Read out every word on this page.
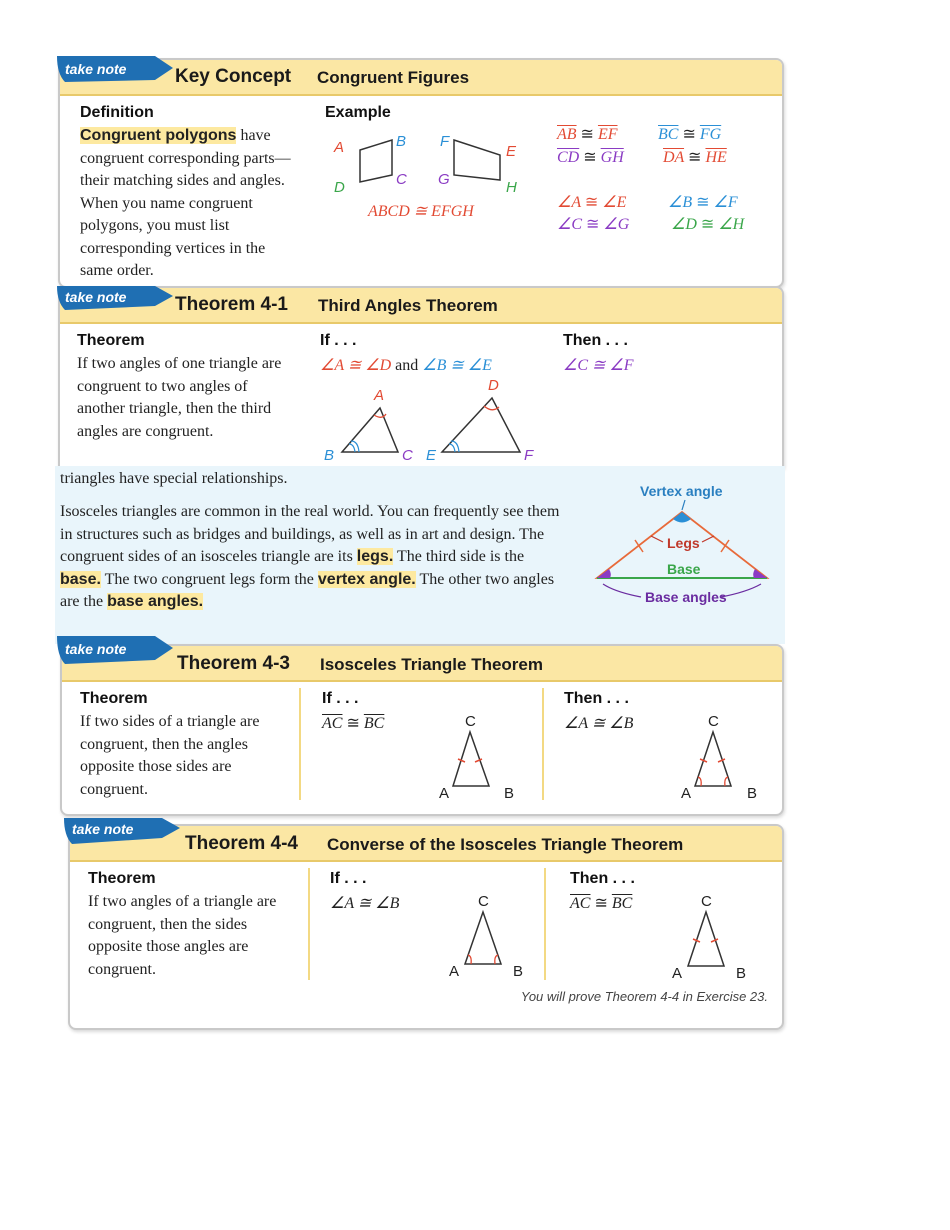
Key Concept Congruent Figures
Definition
Congruent polygons have congruent corresponding parts—their matching sides and angles. When you name congruent polygons, you must list corresponding vertices in the same order.
Example
A	B
C
D
E
F
G	H
ABCD ≅ EFGH
$\overline{AB}$ ≅ $\overline{EF}$	$\overline{BC}$ ≅ $\overline{FG}$
$\overline{CD}$ ≅ $\overline{GH}$ $\overline{DA}$ ≅ $\overline{HE}$
∠A ≅ ∠E	∠B ≅ ∠F
∠C ≅ ∠G	∠D ≅ ∠H
take note
Theorem 4-1 Third Angles Theorem
Theorem
If two angles of one triangle are congruent to two angles of another triangle, then the third angles are congruent.
If . . .
∠A ≅ ∠D and ∠B ≅ ∠E
Then . . .
∠C ≅ ∠F
A
B	C
D
E	F
take note
triangles have special relationships.
Isosceles triangles are common in the real world. You can frequently see them in structures such as bridges and buildings, as well as in art and design. The congruent sides of an isosceles triangle are its legs. The third side is the base. The two congruent legs form the vertex angle. The other two angles are the base angles.
Vertex angle
Legs
Base
Base angles
Theorem 4-3 Isosceles Triangle Theorem
Theorem
If two sides of a triangle are congruent, then the angles opposite those sides are congruent.
If . . .
$\overline{AC}$ ≅ $\overline{BC}$	C
A	B
Then . . .
∠A ≅ ∠B	C
A	B
take note
Theorem 4-4 Converse of the Isosceles Triangle Theorem
Theorem
If two angles of a triangle are congruent, then the sides opposite those angles are congruent.
If . . .
∠A ≅ ∠B	C
A	B
Then . . .
$\overline{AC}$ ≅ $\overline{BC}$	C
A	B
You will prove Theorem 4-4 in Exercise 23.
take note
